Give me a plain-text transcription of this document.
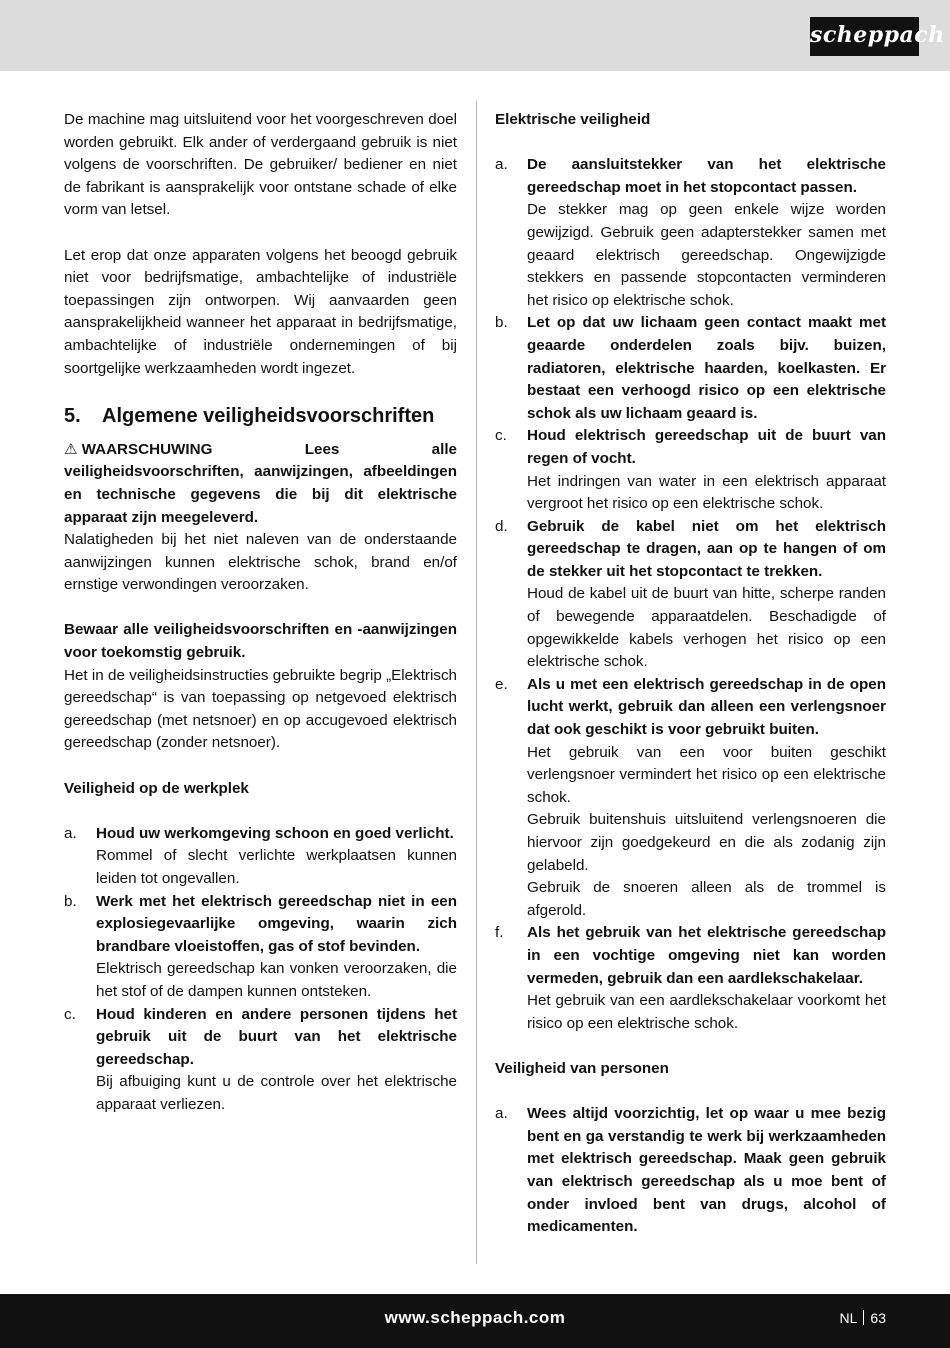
scheppach

De machine mag uitsluitend voor het voorgeschreven doel worden gebruikt. Elk ander of verdergaand gebruik is niet volgens de voorschriften. De gebruiker/ bediener en niet de fabrikant is aansprakelijk voor ontstane schade of elke vorm van letsel.

Let erop dat onze apparaten volgens het beoogd gebruik niet voor bedrijfsmatige, ambachtelijke of industriële toepassingen zijn ontworpen. Wij aanvaarden geen aansprakelijkheid wanneer het apparaat in bedrijfsmatige, ambachtelijke of industriële ondernemingen of bij soortgelijke werkzaamheden wordt ingezet.

5.	Algemene veiligheidsvoorschriften

⚠ WAARSCHUWING Lees alle veiligheidsvoorschriften, aanwijzingen, afbeeldingen en technische gegevens die bij dit elektrische apparaat zijn meegeleverd.

Nalatigheden bij het niet naleven van de onderstaande aanwijzingen kunnen elektrische schok, brand en/of ernstige verwondingen veroorzaken.

Bewaar alle veiligheidsvoorschriften en -aanwijzingen voor toekomstig gebruik.

Het in de veiligheidsinstructies gebruikte begrip „Elektrisch gereedschap“ is van toepassing op netgevoed elektrisch gereedschap (met netsnoer) en op accugevoed elektrisch gereedschap (zonder netsnoer).

Veiligheid op de werkplek

a.	Houd uw werkomgeving schoon en goed verlicht.

Rommel of slecht verlichte werkplaatsen kunnen leiden tot ongevallen.

b.	Werk met het elektrisch gereedschap niet in een explosiegevaarlijke omgeving, waarin zich brandbare vloeistoffen, gas of stof bevinden.

Elektrisch gereedschap kan vonken veroorzaken, die het stof of de dampen kunnen ontsteken.

c.	Houd kinderen en andere personen tijdens het gebruik uit de buurt van het elektrische gereedschap.

Bij afbuiging kunt u de controle over het elektrische apparaat verliezen.

Elektrische veiligheid

a.	De aansluitstekker van het elektrische gereedschap moet in het stopcontact passen.

De stekker mag op geen enkele wijze worden gewijzigd. Gebruik geen adapterstekker samen met geaard elektrisch gereedschap. Ongewijzigde stekkers en passende stopcontacten verminderen het risico op elektrische schok.

b.	Let op dat uw lichaam geen contact maakt met geaarde onderdelen zoals bijv. buizen, radiatoren, elektrische haarden, koelkasten. Er bestaat een verhoogd risico op een elektrische schok als uw lichaam geaard is.

c.	Houd elektrisch gereedschap uit de buurt van regen of vocht.

Het indringen van water in een elektrisch apparaat vergroot het risico op een elektrische schok.

d.	Gebruik de kabel niet om het elektrisch gereedschap te dragen, aan op te hangen of om de stekker uit het stopcontact te trekken.

Houd de kabel uit de buurt van hitte, scherpe randen of bewegende apparaatdelen. Beschadigde of opgewikkelde kabels verhogen het risico op een elektrische schok.

e.	Als u met een elektrisch gereedschap in de open lucht werkt, gebruik dan alleen een verlengsnoer dat ook geschikt is voor gebruikt buiten.

Het gebruik van een voor buiten geschikt verlengsnoer vermindert het risico op een elektrische schok.

Gebruik buitenshuis uitsluitend verlengsnoeren die hiervoor zijn goedgekeurd en die als zodanig zijn gelabeld.

Gebruik de snoeren alleen als de trommel is afgerold.

f.	Als het gebruik van het elektrische gereedschap in een vochtige omgeving niet kan worden vermeden, gebruik dan een aardlekschakelaar.

Het gebruik van een aardlekschakelaar voorkomt het risico op een elektrische schok.

Veiligheid van personen

a.	Wees altijd voorzichtig, let op waar u mee bezig bent en ga verstandig te werk bij werkzaamheden met elektrisch gereedschap. Maak geen gebruik van elektrisch gereedschap als u moe bent of onder invloed bent van drugs, alcohol of medicamenten.

www.scheppach.com	NL 63
